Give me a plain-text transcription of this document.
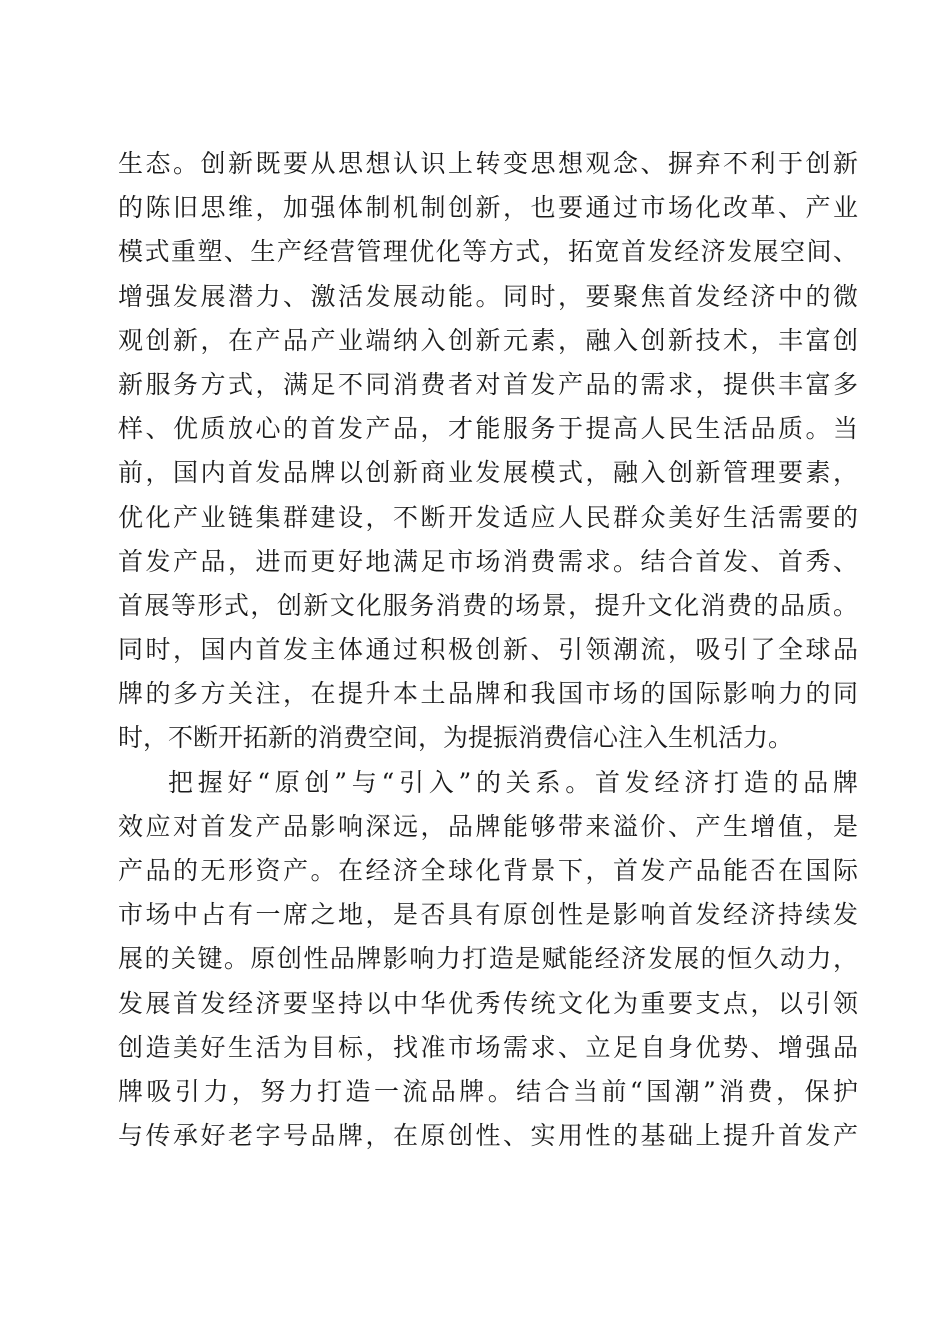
生态。创新既要从思想认识上转变思想观念、摒弃不利于创新
的陈旧思维，加强体制机制创新，也要通过市场化改革、产业
模式重塑、生产经营管理优化等方式，拓宽首发经济发展空间、
增强发展潜力、激活发展动能。同时，要聚焦首发经济中的微
观创新，在产品产业端纳入创新元素，融入创新技术，丰富创
新服务方式，满足不同消费者对首发产品的需求，提供丰富多
样、优质放心的首发产品，才能服务于提高人民生活品质。当
前，国内首发品牌以创新商业发展模式，融入创新管理要素，
优化产业链集群建设，不断开发适应人民群众美好生活需要的
首发产品，进而更好地满足市场消费需求。结合首发、首秀、
首展等形式，创新文化服务消费的场景，提升文化消费的品质。
同时，国内首发主体通过积极创新、引领潮流，吸引了全球品
牌的多方关注，在提升本土品牌和我国市场的国际影响力的同
时，不断开拓新的消费空间，为提振消费信心注入生机活力。
把握好“原创”与“引入”的关系。首发经济打造的品牌
效应对首发产品影响深远，品牌能够带来溢价、产生增值，是
产品的无形资产。在经济全球化背景下，首发产品能否在国际
市场中占有一席之地，是否具有原创性是影响首发经济持续发
展的关键。原创性品牌影响力打造是赋能经济发展的恒久动力，
发展首发经济要坚持以中华优秀传统文化为重要支点，以引领
创造美好生活为目标，找准市场需求、立足自身优势、增强品
牌吸引力，努力打造一流品牌。结合当前“国潮”消费，保护
与传承好老字号品牌，在原创性、实用性的基础上提升首发产
